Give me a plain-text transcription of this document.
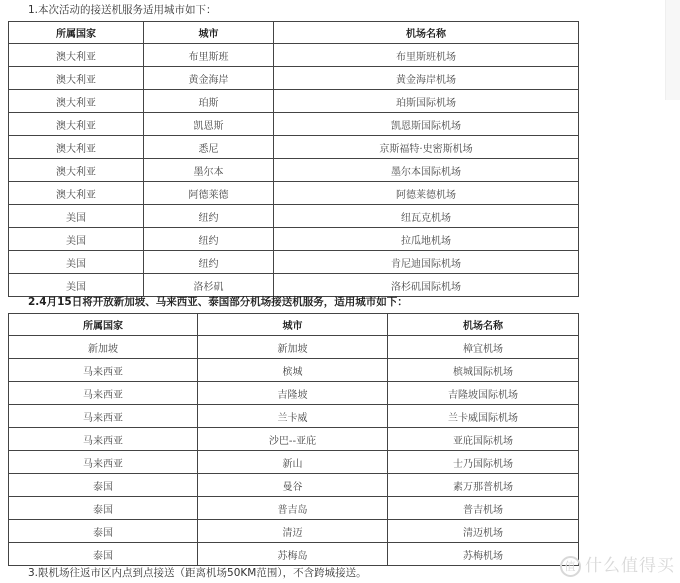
1.本次活动的接送机服务适用城市如下：
所属国家	城市	机场名称
澳大利亚	布里斯班	布里斯班机场
澳大利亚	黄金海岸	黄金海岸机场
澳大利亚	珀斯	珀斯国际机场
澳大利亚	凯恩斯	凯恩斯国际机场
澳大利亚	悉尼	京斯福特·史密斯机场
澳大利亚	墨尔本	墨尔本国际机场
澳大利亚	阿德莱德	阿德莱德机场
美国	纽约	纽瓦克机场
美国	纽约	拉瓜地机场
美国	纽约	肯尼迪国际机场
美国	洛杉矶	洛杉矶国际机场
2.4月15日将开放新加坡、马来西亚、泰国部分机场接送机服务，适用城市如下：
所属国家	城市	机场名称
新加坡	新加坡	樟宜机场
马来西亚	槟城	槟城国际机场
马来西亚	吉隆坡	吉隆坡国际机场
马来西亚	兰卡威	兰卡威国际机场
马来西亚	沙巴--亚庇	亚庇国际机场
马来西亚	新山	士乃国际机场
泰国	曼谷	素万那普机场
泰国	普吉岛	普吉机场
泰国	清迈	清迈机场
泰国	苏梅岛	苏梅机场
3.限机场往返市区内点到点接送（距离机场50KM范围），不含跨城接送。
值 什么值得买
